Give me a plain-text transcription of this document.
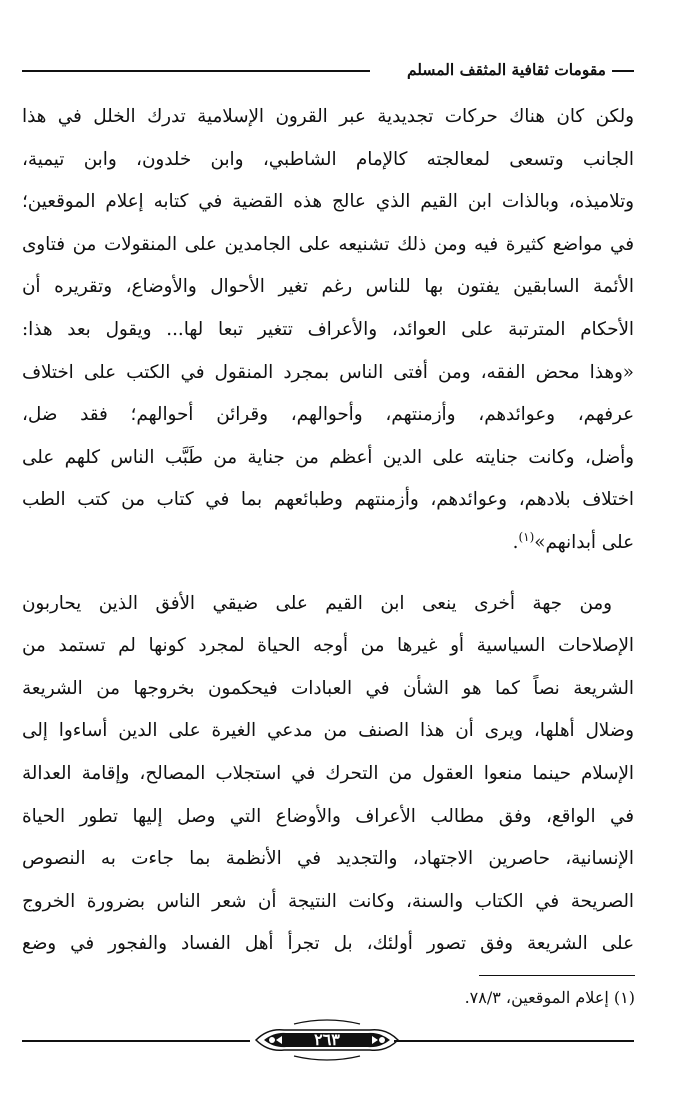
مقومات ثقافية المثقف المسلم
ولكن كان هناك حركات تجديدية عبر القرون الإسلامية تدرك الخلل في هذا
الجانب وتسعى لمعالجته كالإمام الشاطبي، وابن خلدون، وابن تيمية،
وتلاميذه، وبالذات ابن القيم الذي عالج هذه القضية في كتابه إعلام الموقعين؛
في مواضع كثيرة فيه ومن ذلك تشنيعه على الجامدين على المنقولات من فتاوى
الأئمة السابقين يفتون بها للناس رغم تغير الأحوال والأوضاع، وتقريره أن
الأحكام المترتبة على العوائد، والأعراف تتغير تبعا لها... ويقول بعد هذا:
«وهذا محض الفقه، ومن أفتى الناس بمجرد المنقول في الكتب على اختلاف
عرفهم، وعوائدهم، وأزمنتهم، وأحوالهم، وقرائن أحوالهم؛ فقد ضل،
وأضل، وكانت جنايته على الدين أعظم من جناية من طَبَّب الناس كلهم على
اختلاف بلادهم، وعوائدهم، وأزمنتهم وطبائعهم بما في كتاب من كتب الطب
على أبدانهم»$^{(١)}$.
ومن جهة أخرى ينعى ابن القيم على ضيقي الأفق الذين يحاربون
الإصلاحات السياسية أو غيرها من أوجه الحياة لمجرد كونها لم تستمد من
الشريعة نصاً كما هو الشأن في العبادات فيحكمون بخروجها من الشريعة
وضلال أهلها، ويرى أن هذا الصنف من مدعي الغيرة على الدين أساءوا إلى
الإسلام حينما منعوا العقول من التحرك في استجلاب المصالح، وإقامة العدالة
في الواقع، وفق مطالب الأعراف والأوضاع التي وصل إليها تطور الحياة
الإنسانية، حاصرين الاجتهاد، والتجديد في الأنظمة بما جاءت به النصوص
الصريحة في الكتاب والسنة، وكانت النتيجة أن شعر الناس بضرورة الخروج
على الشريعة وفق تصور أولئك، بل تجرأ أهل الفساد والفجور في وضع
(١) إعلام الموقعين، ٧٨/٣.
٢٦٣
